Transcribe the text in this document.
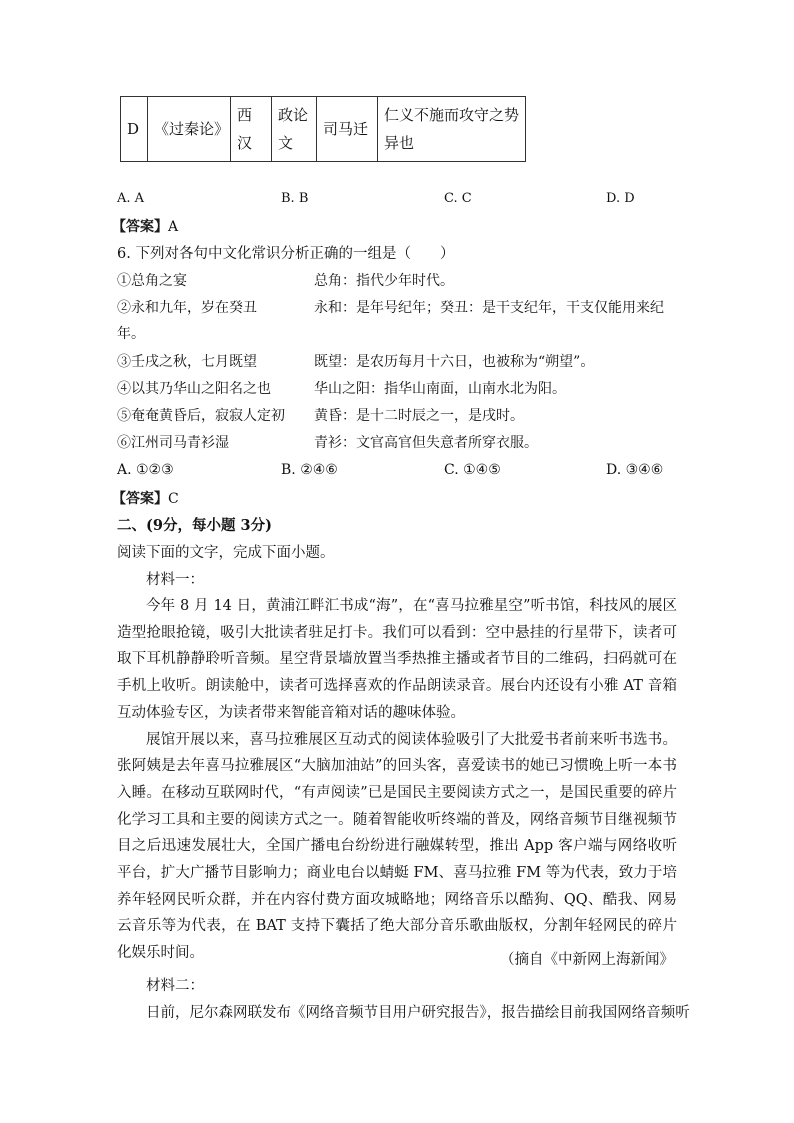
D	《过秦论》	西汉	政论文	司马迁	仁义不施而攻守之势异也
A. A	B. B	C. C	D. D
【答案】A
6. 下列对各句中文化常识分析正确的一组是（　　）
①总角之宴	总角：指代少年时代。
②永和九年，岁在癸丑	永和：是年号纪年；癸丑：是干支纪年，干支仅能用来纪
年。
③壬戌之秋，七月既望	既望：是农历每月十六日，也被称为“朔望”。
④以其乃华山之阳名之也	华山之阳：指华山南面，山南水北为阳。
⑤奄奄黄昏后，寂寂人定初 黄昏：是十二时辰之一，是戌时。
⑥江州司马青衫湿	青衫：文官高官但失意者所穿衣服。
A. ①②③	B. ②④⑥	C. ①④⑤	D. ③④⑥
【答案】C
二、(9分，每小题 3分)
阅读下面的文字，完成下面小题。
材料一：

今年 8 月 14 日，黄浦江畔汇书成“海”，在“喜马拉雅星空”听书馆，科技风的展区造型抢眼抢镜，吸引大批读者驻足打卡。我们可以看到：空中悬挂的行星带下，读者可取下耳机静静聆听音频。星空背景墙放置当季热推主播或者节目的二维码，扫码就可在手机上收听。朗读舱中，读者可选择喜欢的作品朗读录音。展台内还设有小雅 AT 音箱互动体验专区，为读者带来智能音箱对话的趣味体验。

展馆开展以来，喜马拉雅展区互动式的阅读体验吸引了大批爱书者前来听书选书。张阿姨是去年喜马拉雅展区“大脑加油站”的回头客，喜爱读书的她已习惯晚上听一本书入睡。在移动互联网时代，“有声阅读”已是国民主要阅读方式之一，是国民重要的碎片化学习工具和主要的阅读方式之一。随着智能收听终端的普及，网络音频节目继视频节目之后迅速发展壮大，全国广播电台纷纷进行融媒转型，推出 App 客户端与网络收听平台，扩大广播节目影响力；商业电台以蜻蜓 FM、喜马拉雅 FM 等为代表，致力于培养年轻网民听众群，并在内容付费方面攻城略地；网络音乐以酷狗、QQ、酷我、网易云音乐等为代表，在 BAT 支持下囊括了绝大部分音乐歌曲版权，分割年轻网民的碎片化娱乐时间。	（摘自《中新网上海新闻》
材料二：
日前，尼尔森网联发布《网络音频节目用户研究报告》，报告描绘目前我国网络音频听
